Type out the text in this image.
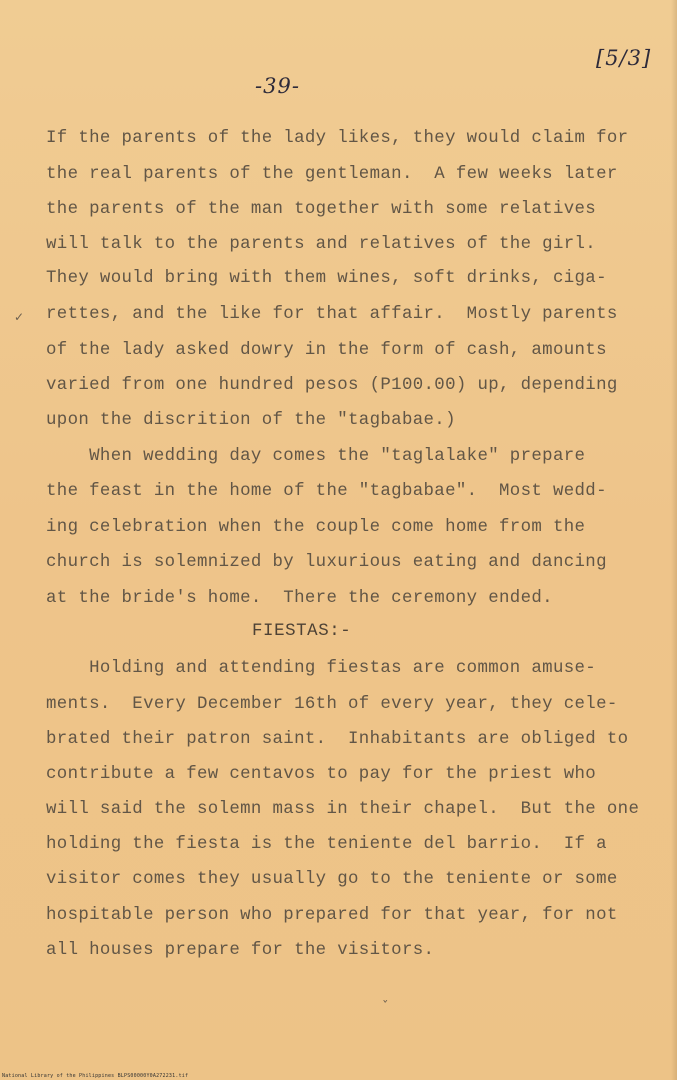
-39-
[5/3]
If the parents of the lady likes, they would claim for
the real parents of the gentleman.  A few weeks later
the parents of the man together with some relatives
will talk to the parents and relatives of the girl.
They would bring with them wines, soft drinks, ciga-
rettes, and the like for that affair.  Mostly parents
of the lady asked dowry in the form of cash, amounts
varied from one hundred pesos (P100.00) up, depending
upon the discrition of the "tagbabae.)
When wedding day comes the "taglalake" prepare
the feast in the home of the "tagbabae".  Most wedd-
ing celebration when the couple come home from the
church is solemnized by luxurious eating and dancing
at the bride's home.  There the ceremony ended.
FIESTAS:-
Holding and attending fiestas are common amuse-
ments.  Every December 16th of every year, they cele-
brated their patron saint.  Inhabitants are obliged to
contribute a few centavos to pay for the priest who
will said the solemn mass in their chapel.  But the one
holding the fiesta is the teniente del barrio.  If a
visitor comes they usually go to the teniente or some
hospitable person who prepared for that year, for not
all houses prepare for the visitors.
✓
ˇ
National Library of the Philippines BLPS00000Y0A272231.tif
